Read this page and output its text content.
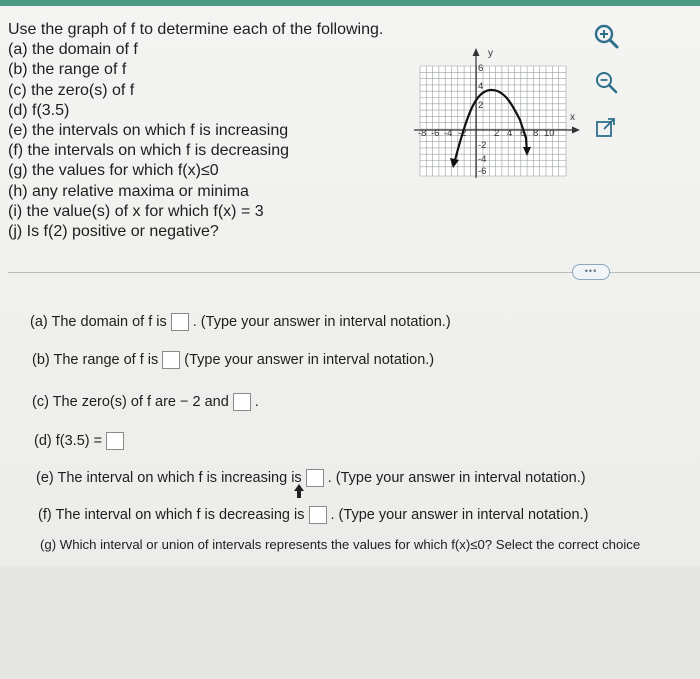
Use the graph of f to determine each of the following.
(a) the domain of f
(b) the range of f
(c) the zero(s) of f
(d) f(3.5)
(e) the intervals on which f is increasing
(f) the intervals on which f is decreasing
(g) the values for which f(x)≤0
(h) any relative maxima or minima
(i) the value(s) of x for which f(x) = 3
(j) Is f(2) positive or negative?
y
x
-8 -6 -4 -2	2 4 6 8 10
6
4
2
-2
-4
-6
•••
(a) The domain of f is . (Type your answer in interval notation.)
(b) The range of f is (Type your answer in interval notation.)
(c) The zero(s) of f are − 2 and .
(d) f(3.5) =
(e) The interval on which f is increasing is . (Type your answer in interval notation.)
(f) The interval on which f is decreasing is . (Type your answer in interval notation.)
(g) Which interval or union of intervals represents the values for which f(x)≤0? Select the correct choice
